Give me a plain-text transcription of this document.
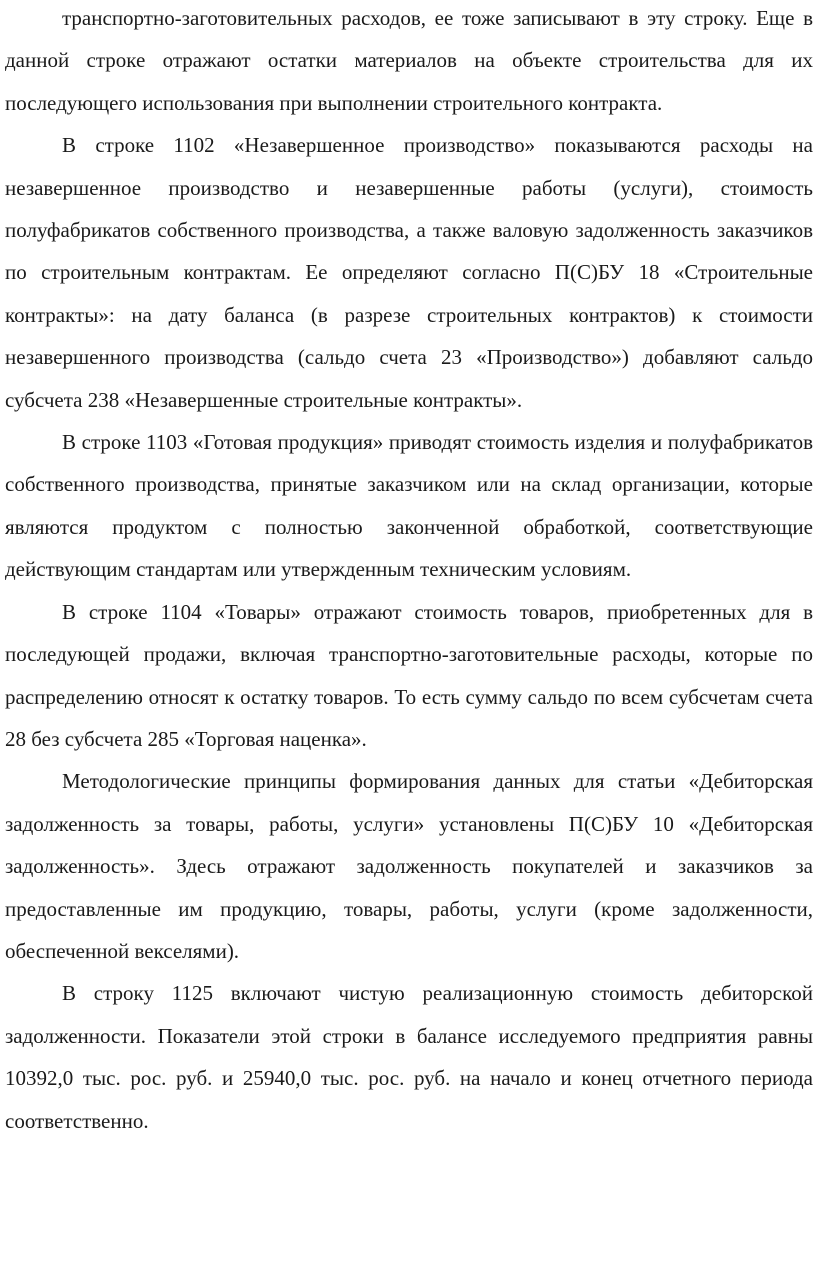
транспортно-заготовительных расходов, ее тоже записывают в эту строку. Еще в данной строке отражают остатки материалов на объекте строительства для их последующего использования при выполнении строительного контракта.

В строке 1102 «Незавершенное производство» показываются расходы на незавершенное производство и незавершенные работы (услуги), стоимость полуфабрикатов собственного производства, а также валовую задолженность заказчиков по строительным контрактам. Ее определяют согласно П(С)БУ 18 «Строительные контракты»: на дату баланса (в разрезе строительных контрактов) к стоимости незавершенного производства (сальдо счета 23 «Производство») добавляют сальдо субсчета 238 «Незавершенные строительные контракты».

В строке 1103 «Готовая продукция» приводят стоимость изделия и полуфабрикатов собственного производства, принятые заказчиком или на склад организации, которые являются продуктом с полностью законченной обработкой, соответствующие действующим стандартам или утвержденным техническим условиям.

В строке 1104 «Товары» отражают стоимость товаров, приобретенных для в последующей продажи, включая транспортно-заготовительные расходы, которые по распределению относят к остатку товаров. То есть сумму сальдо по всем субсчетам счета 28 без субсчета 285 «Торговая наценка».

Методологические принципы формирования данных для статьи «Дебиторская задолженность за товары, работы, услуги» установлены П(С)БУ 10 «Дебиторская задолженность». Здесь отражают задолженность покупателей и заказчиков за предоставленные им продукцию, товары, работы, услуги (кроме задолженности, обеспеченной векселями).

В строку 1125 включают чистую реализационную стоимость дебиторской задолженности. Показатели этой строки в балансе исследуемого предприятия равны 10392,0 тыс. рос. руб. и 25940,0 тыс. рос. руб. на начало и конец отчетного периода соответственно.
